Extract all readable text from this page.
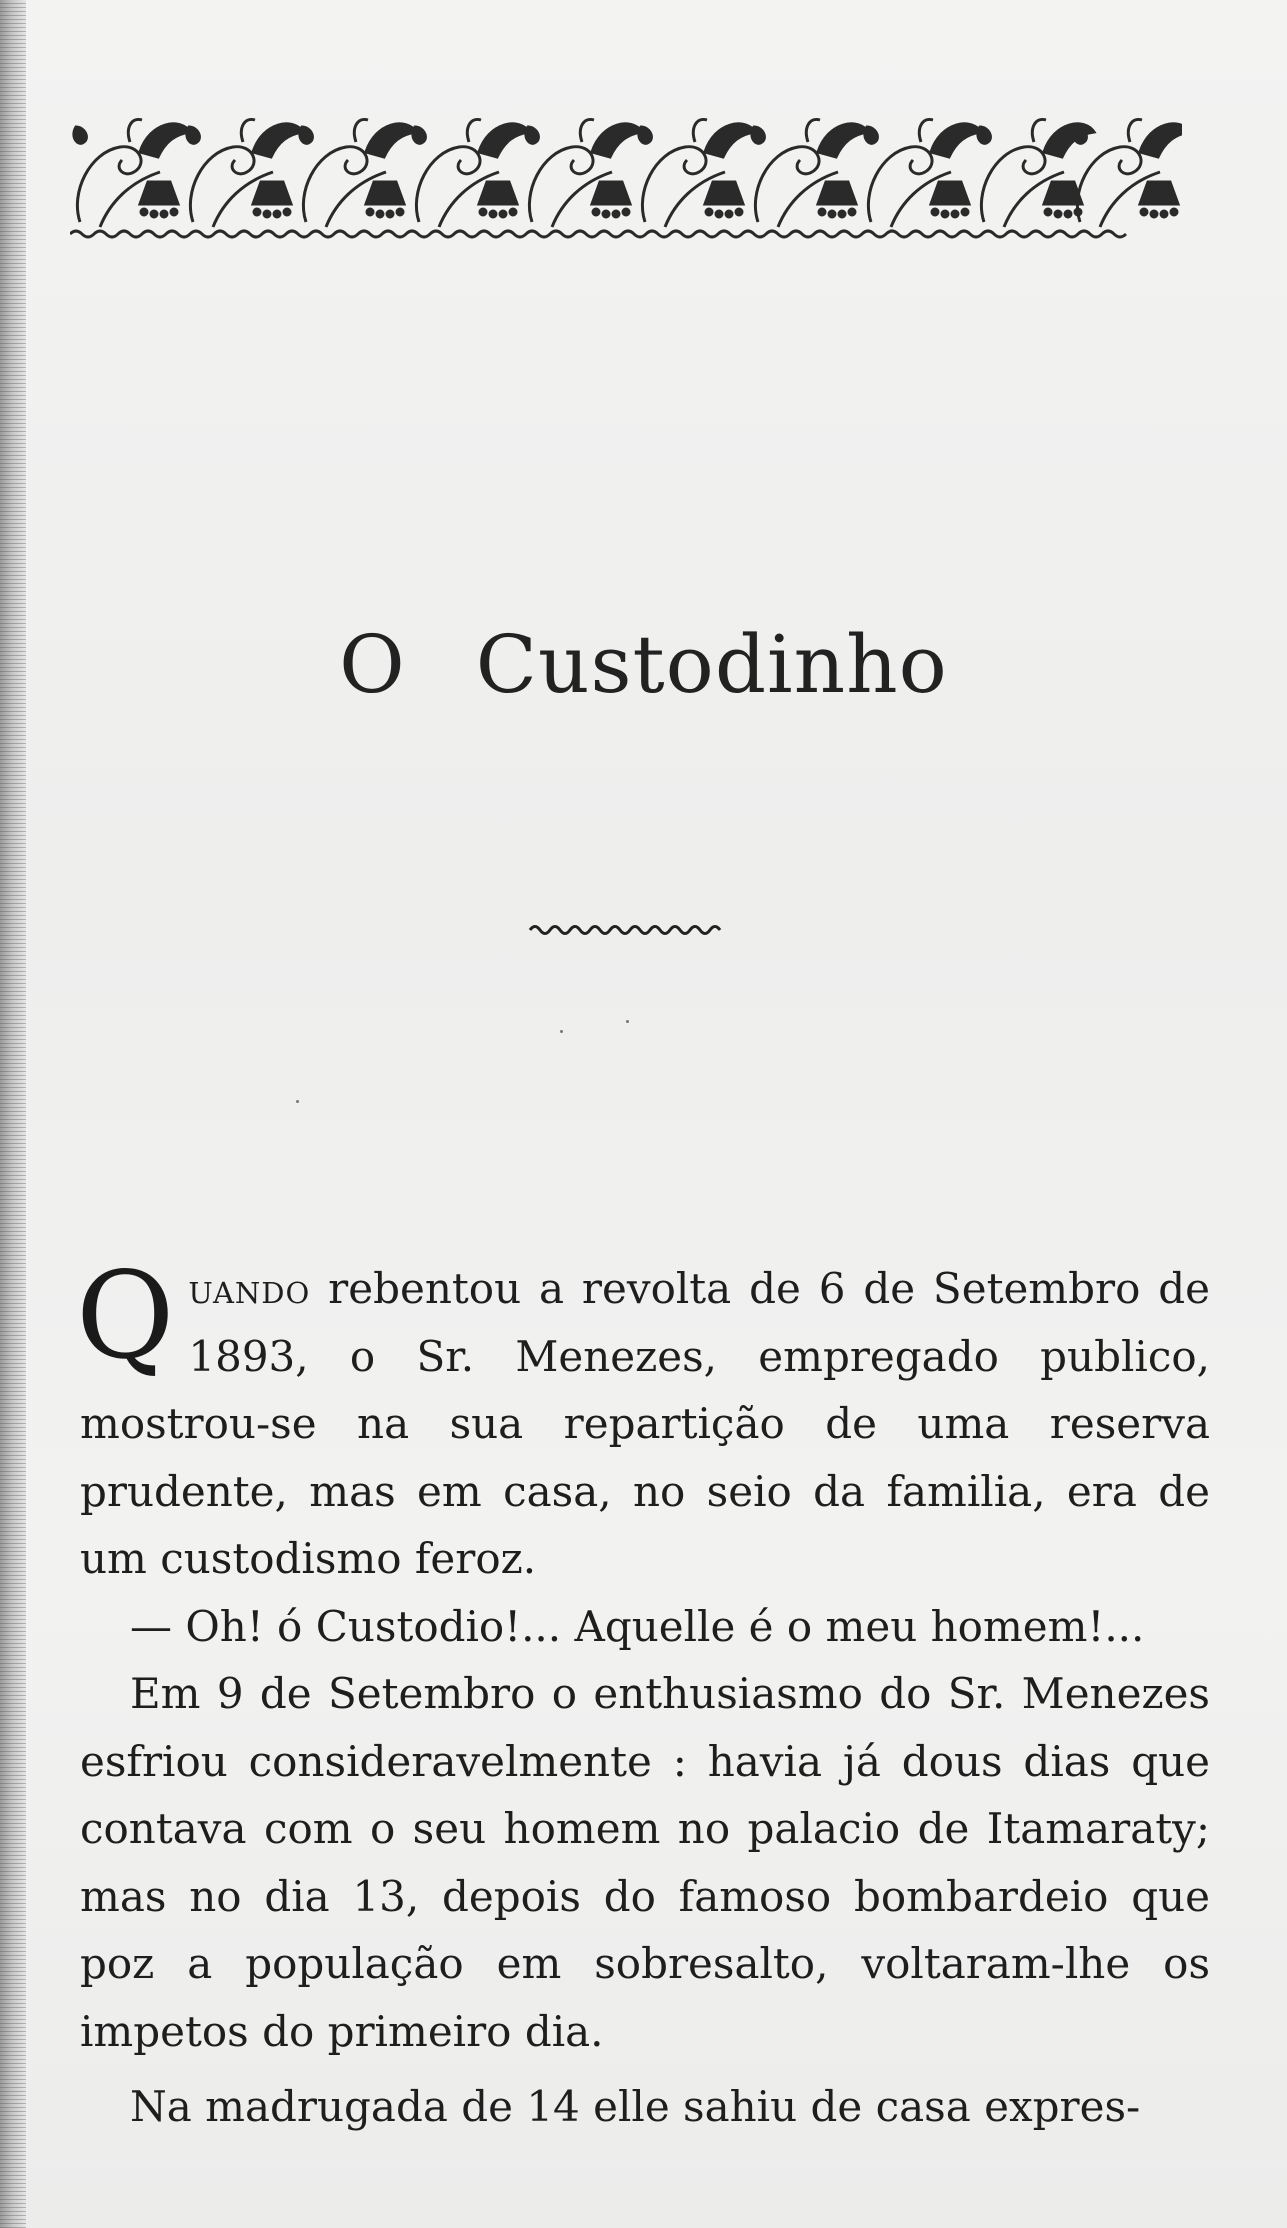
O Custodinho

Quando rebentou a revolta de 6 de Setembro de 1893, o Sr. Menezes, empregado publico, mostrou-se na sua repartição de uma reserva prudente, mas em casa, no seio da familia, era de um custodismo feroz.

— Oh! ó Custodio!... Aquelle é o meu homem!...

Em 9 de Setembro o enthusiasmo do Sr. Menezes esfriou consideravelmente : havia já dous dias que contava com o seu homem no palacio de Itamaraty; mas no dia 13, depois do famoso bombardeio que poz a população em sobresalto, voltaram-lhe os impetos do primeiro dia.

Na madrugada de 14 elle sahiu de casa expres-
